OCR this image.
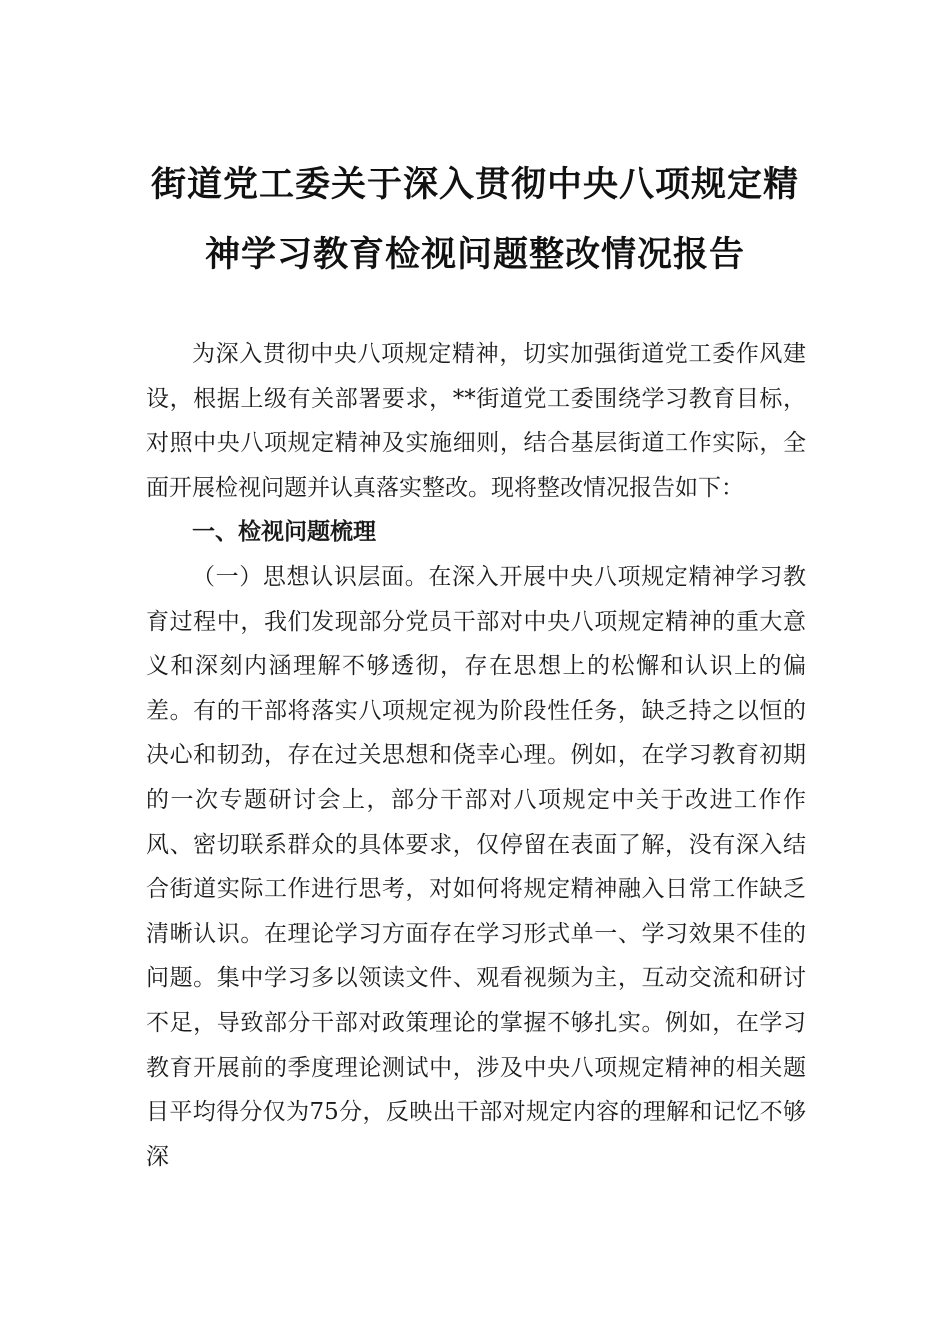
街道党工委关于深入贯彻中央八项规定精
神学习教育检视问题整改情况报告

为深入贯彻中央八项规定精神，切实加强街道党工委作风建设，根据上级有关部署要求，**街道党工委围绕学习教育目标，对照中央八项规定精神及实施细则，结合基层街道工作实际，全面开展检视问题并认真落实整改。现将整改情况报告如下：

一、检视问题梳理

（一）思想认识层面。在深入开展中央八项规定精神学习教育过程中，我们发现部分党员干部对中央八项规定精神的重大意义和深刻内涵理解不够透彻，存在思想上的松懈和认识上的偏差。有的干部将落实八项规定视为阶段性任务，缺乏持之以恒的决心和韧劲，存在过关思想和侥幸心理。例如，在学习教育初期的一次专题研讨会上，部分干部对八项规定中关于改进工作作风、密切联系群众的具体要求，仅停留在表面了解，没有深入结合街道实际工作进行思考，对如何将规定精神融入日常工作缺乏清晰认识。在理论学习方面存在学习形式单一、学习效果不佳的问题。集中学习多以领读文件、观看视频为主，互动交流和研讨不足，导致部分干部对政策理论的掌握不够扎实。例如，在学习教育开展前的季度理论测试中，涉及中央八项规定精神的相关题目平均得分仅为75分，反映出干部对规定内容的理解和记忆不够深
